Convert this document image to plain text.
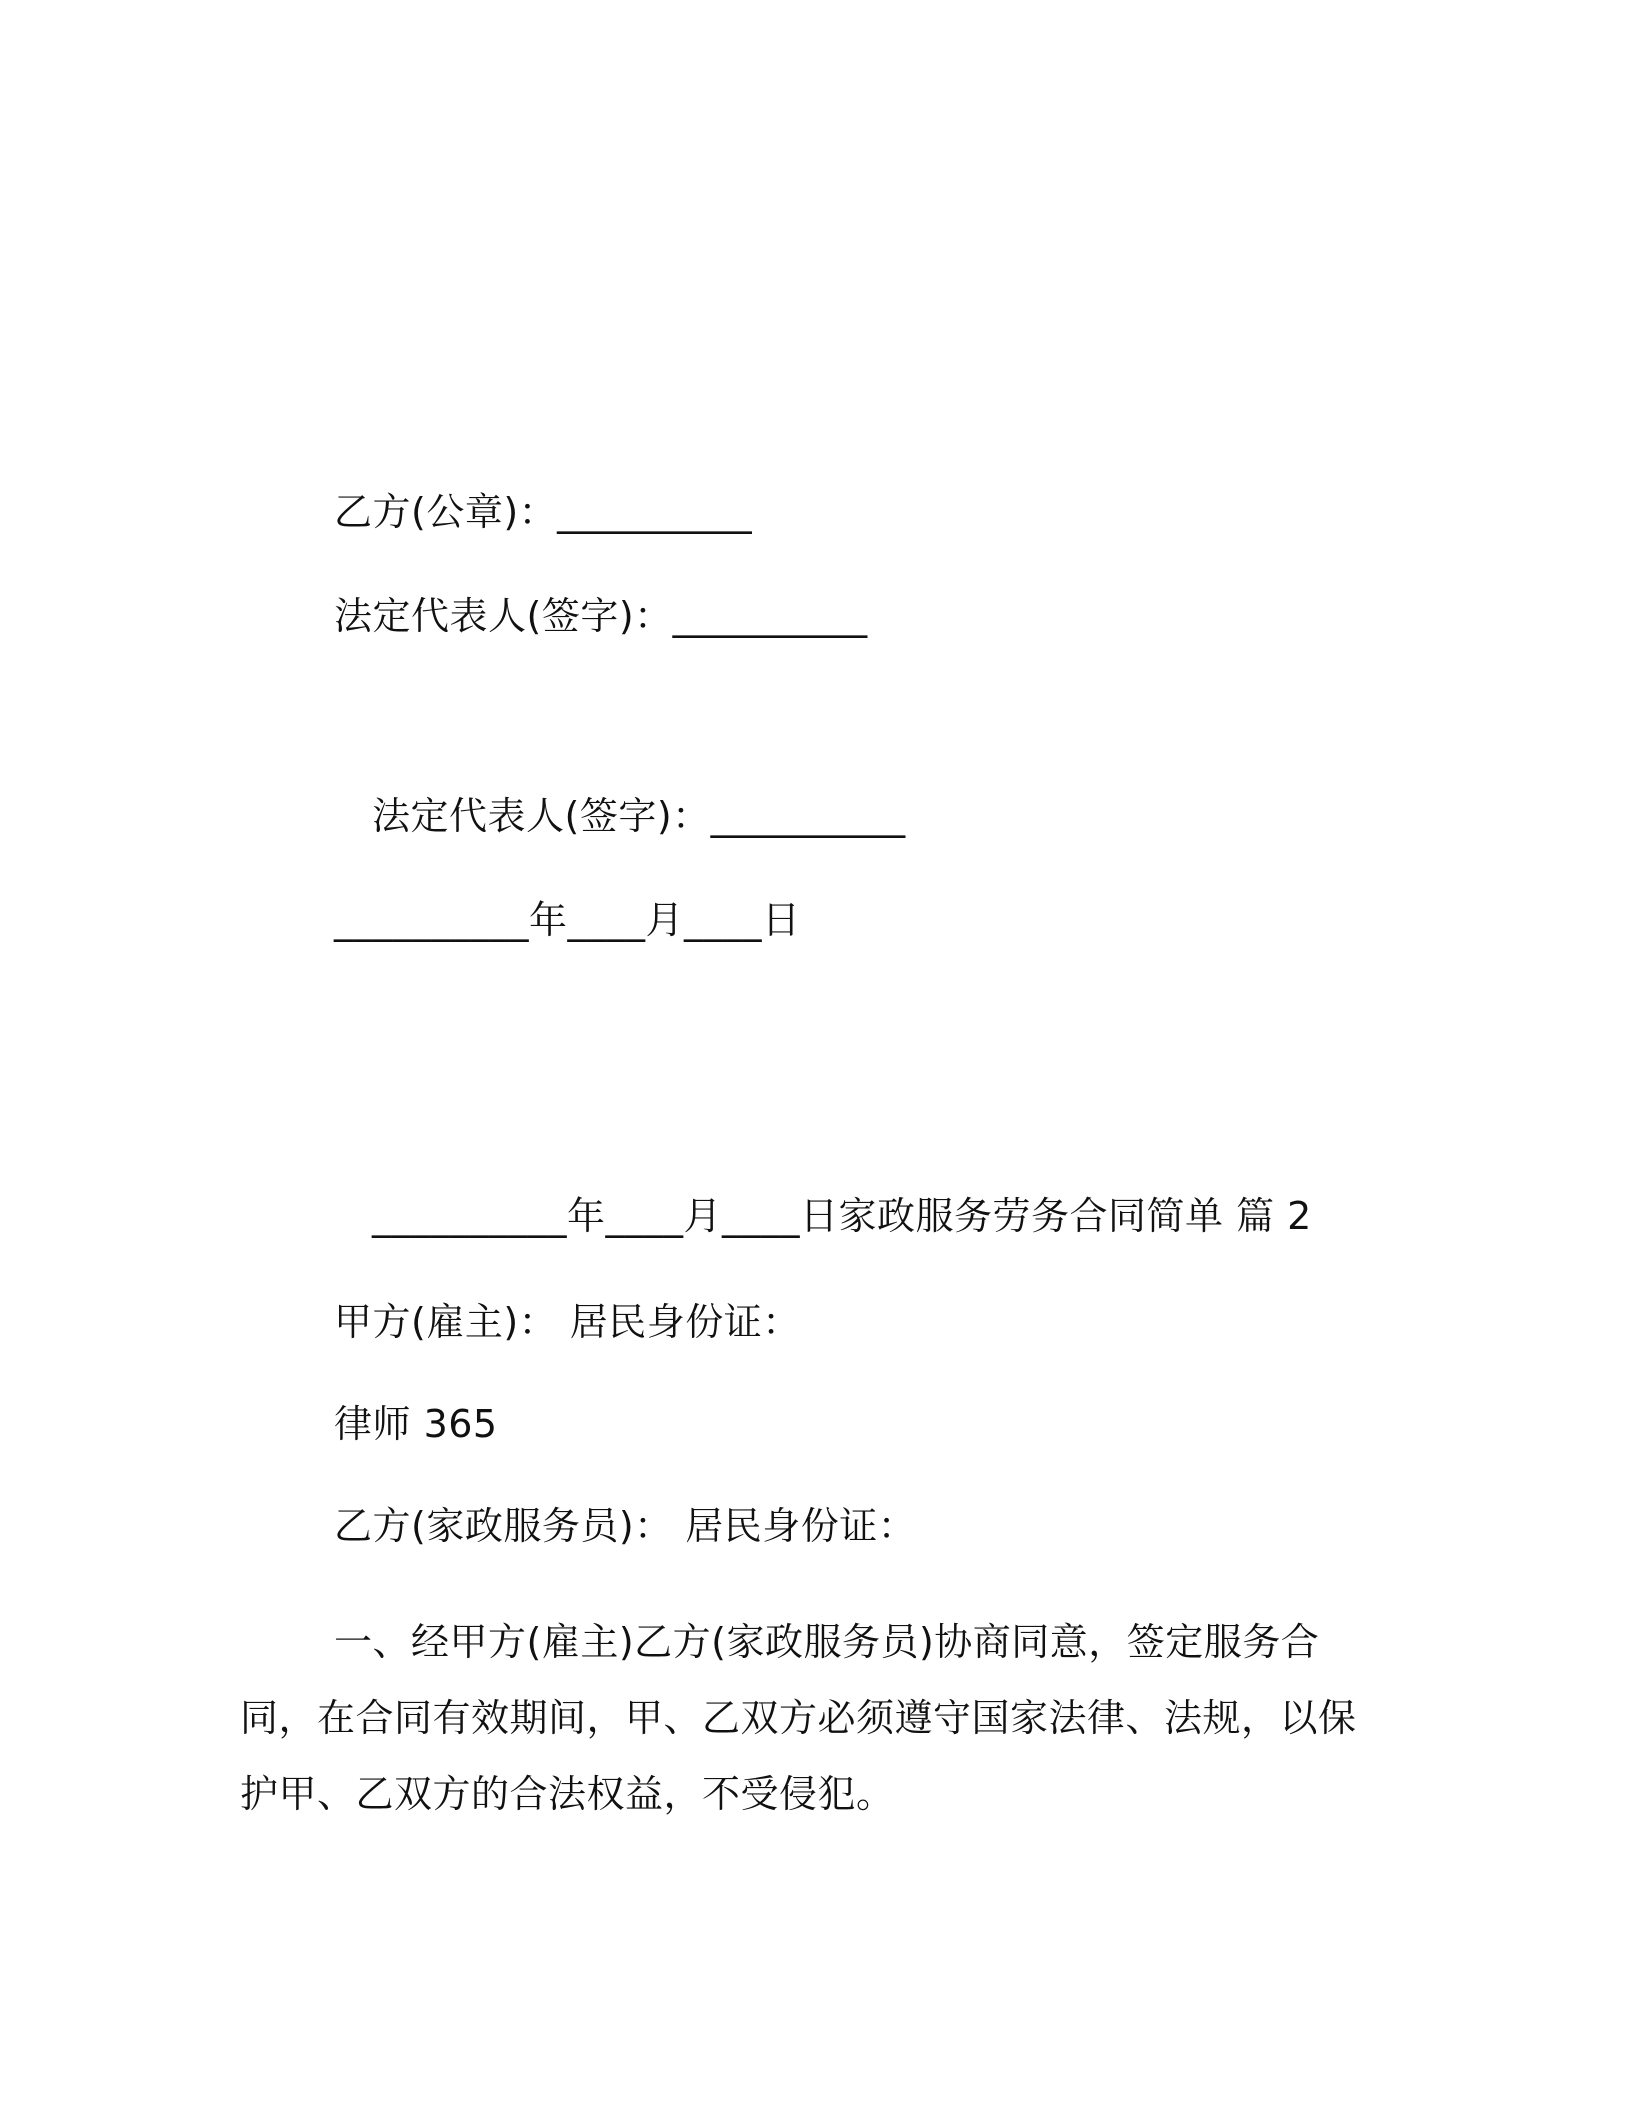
乙方(公章)：__________
法定代表人(签字)：__________
法定代表人(签字)：__________
__________年____月____日
__________年____月____日家政服务劳务合同简单 篇 2
甲方(雇主)： 居民身份证：
律师 365
乙方(家政服务员)： 居民身份证：
一、经甲方(雇主)乙方(家政服务员)协商同意，签定服务合同，在合同有效期间，甲、乙双方必须遵守国家法律、法规，以保护甲、乙双方的合法权益，不受侵犯。
